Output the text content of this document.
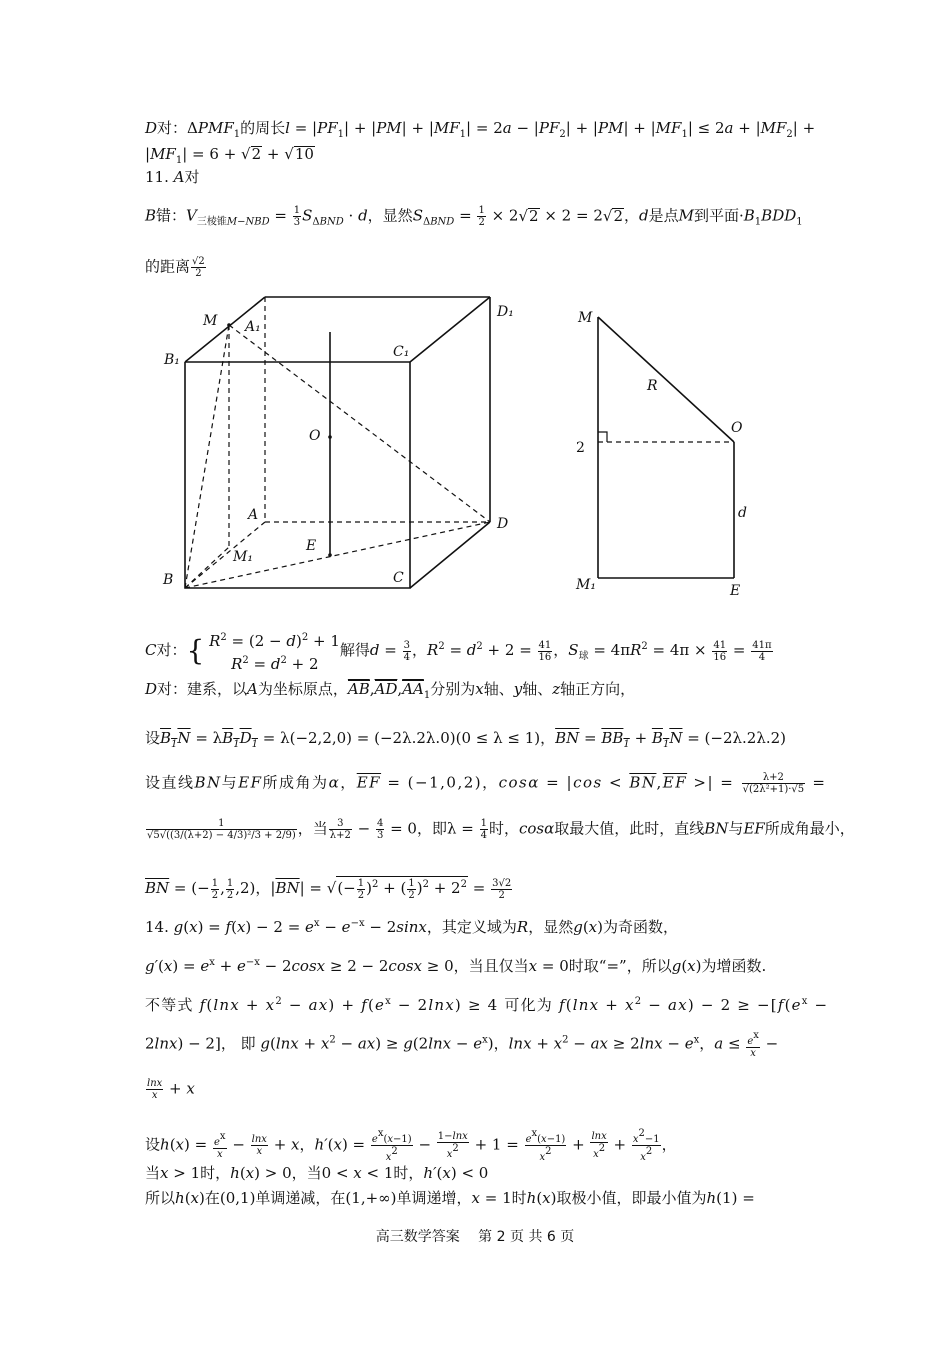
D对：$\Delta PMF_1$的周长$l = |PF_1| + |PM| + |MF_1| = 2a - |PF_2| + |PM| + |MF_1| \le 2a + |MF_2|$ +
$|MF_1| = 6 + √2 + √10$
11. A对
B错：$V_{三棱锥M-NBD} = \frac{1}{3} S_{\Delta BND} \cdot d$，显然$S_{\Delta BND} = \frac{1}{2} \times 2√2 \times 2 = 2√2$，d是点M到平面$\cdot B_1BDD_1$
的距离 $\frac{√2}{2}$
M A₁
D₁
B₁	C₁
O
A
D
E
M₁
B	C
M
R
O
2
d
M₁	E
C对：{ $R^2 = (2 - d)^2 + 1$
$R^2 = d^2 + 2$
解得$d = \frac{3}{4}$ ，$R^2 = d^2 + 2 = \frac{41}{16}$ ，$S_球 = 4\pi R^2 = 4\pi \times \frac{41}{16} = \frac{41\pi}{4}$
D对：建系，以A为坐标原点，$\overline{AB},\overline{AD},\overline{AA}_1$分别为x轴、y轴、z轴正方向，
设$B_1N = \lambda B_1D_1 = \lambda(-2,2,0) = (-2\lambda.2\lambda.0)(0 \le \lambda \le 1)$，$\overline{BN} = BB_1 + B_1N = (-2\lambda.2\lambda.2)$
设直线BN与EF所成角为α，$\overline{EF} = (-1,0,2)$，$\cos\alpha = |\cos < \overline{BN},\overline{EF}$ >| = $\frac{\lambda+2}{\text{√(2λ²+1)·√5}}$ =
$\frac{1}{\text{√5√((3/(λ+2) − 4/3)²/3 + 2/9)}}$ ，当 $\frac{3}{\lambda+2} - \frac{4}{3} = 0$，即$\lambda = \frac{1}{4}$ 时，cosα取最大值，此时，直线BN与EF所成角最小，
$\overline{BN}$ = (− $\frac{1}{2}$ , $\frac{1}{2} ,2$)，$|\overline{BN}|$ = √(− $\frac{1}{2} )^2$ + ( $\frac{1}{2} )^2 + 2^2 = \frac{3√2}{2}$
14. $g(x) = f(x) - 2 = e^x - e^{-x} - 2\sin x$，其定义域为R，显然g(x)为奇函数，
$g'(x) = e^x + e^{-x} - 2\cos x \ge 2 - 2\cos x \ge 0$，当且仅当x = 0时取“=”，所以g(x)为增函数.
不等式 $f(\ln x + x^2 - ax) + f(e^x - 2\ln x) \ge 4$ 可化为 $f(\ln x + x^2 - ax) - 2 \ge -[f(e^x$ −
2lnx) − 2]， 即 $g(\ln x + x^2 - ax) \ge g(2\ln x - e^x)$，$\ln x + x^2$ − ax ≥ $2\ln x - e^x$，$a \le \frac{ex}{x}$ −
$\frac{\ln x}{x} + x$
设$h(x) = \frac{ex}{x} - \frac{\ln x}{x} + x$，$h'(x) = \frac{ex(x-1)}{x2} - \frac{1-\ln x}{x2} + 1 = \frac{ex(x-1)}{x2} + \frac{\ln x}{x2} + \frac{x2-1}{x2}$ ，
当x > 1时，h(x) > 0，当0 < x < 1时，h′(x) < 0
所以h(x)在(0,1)单调递减，在(1,+∞)单调递增，x = 1时h(x)取极小值，即最小值为h(1) =
高三数学答案　 第 2 页 共 6 页
